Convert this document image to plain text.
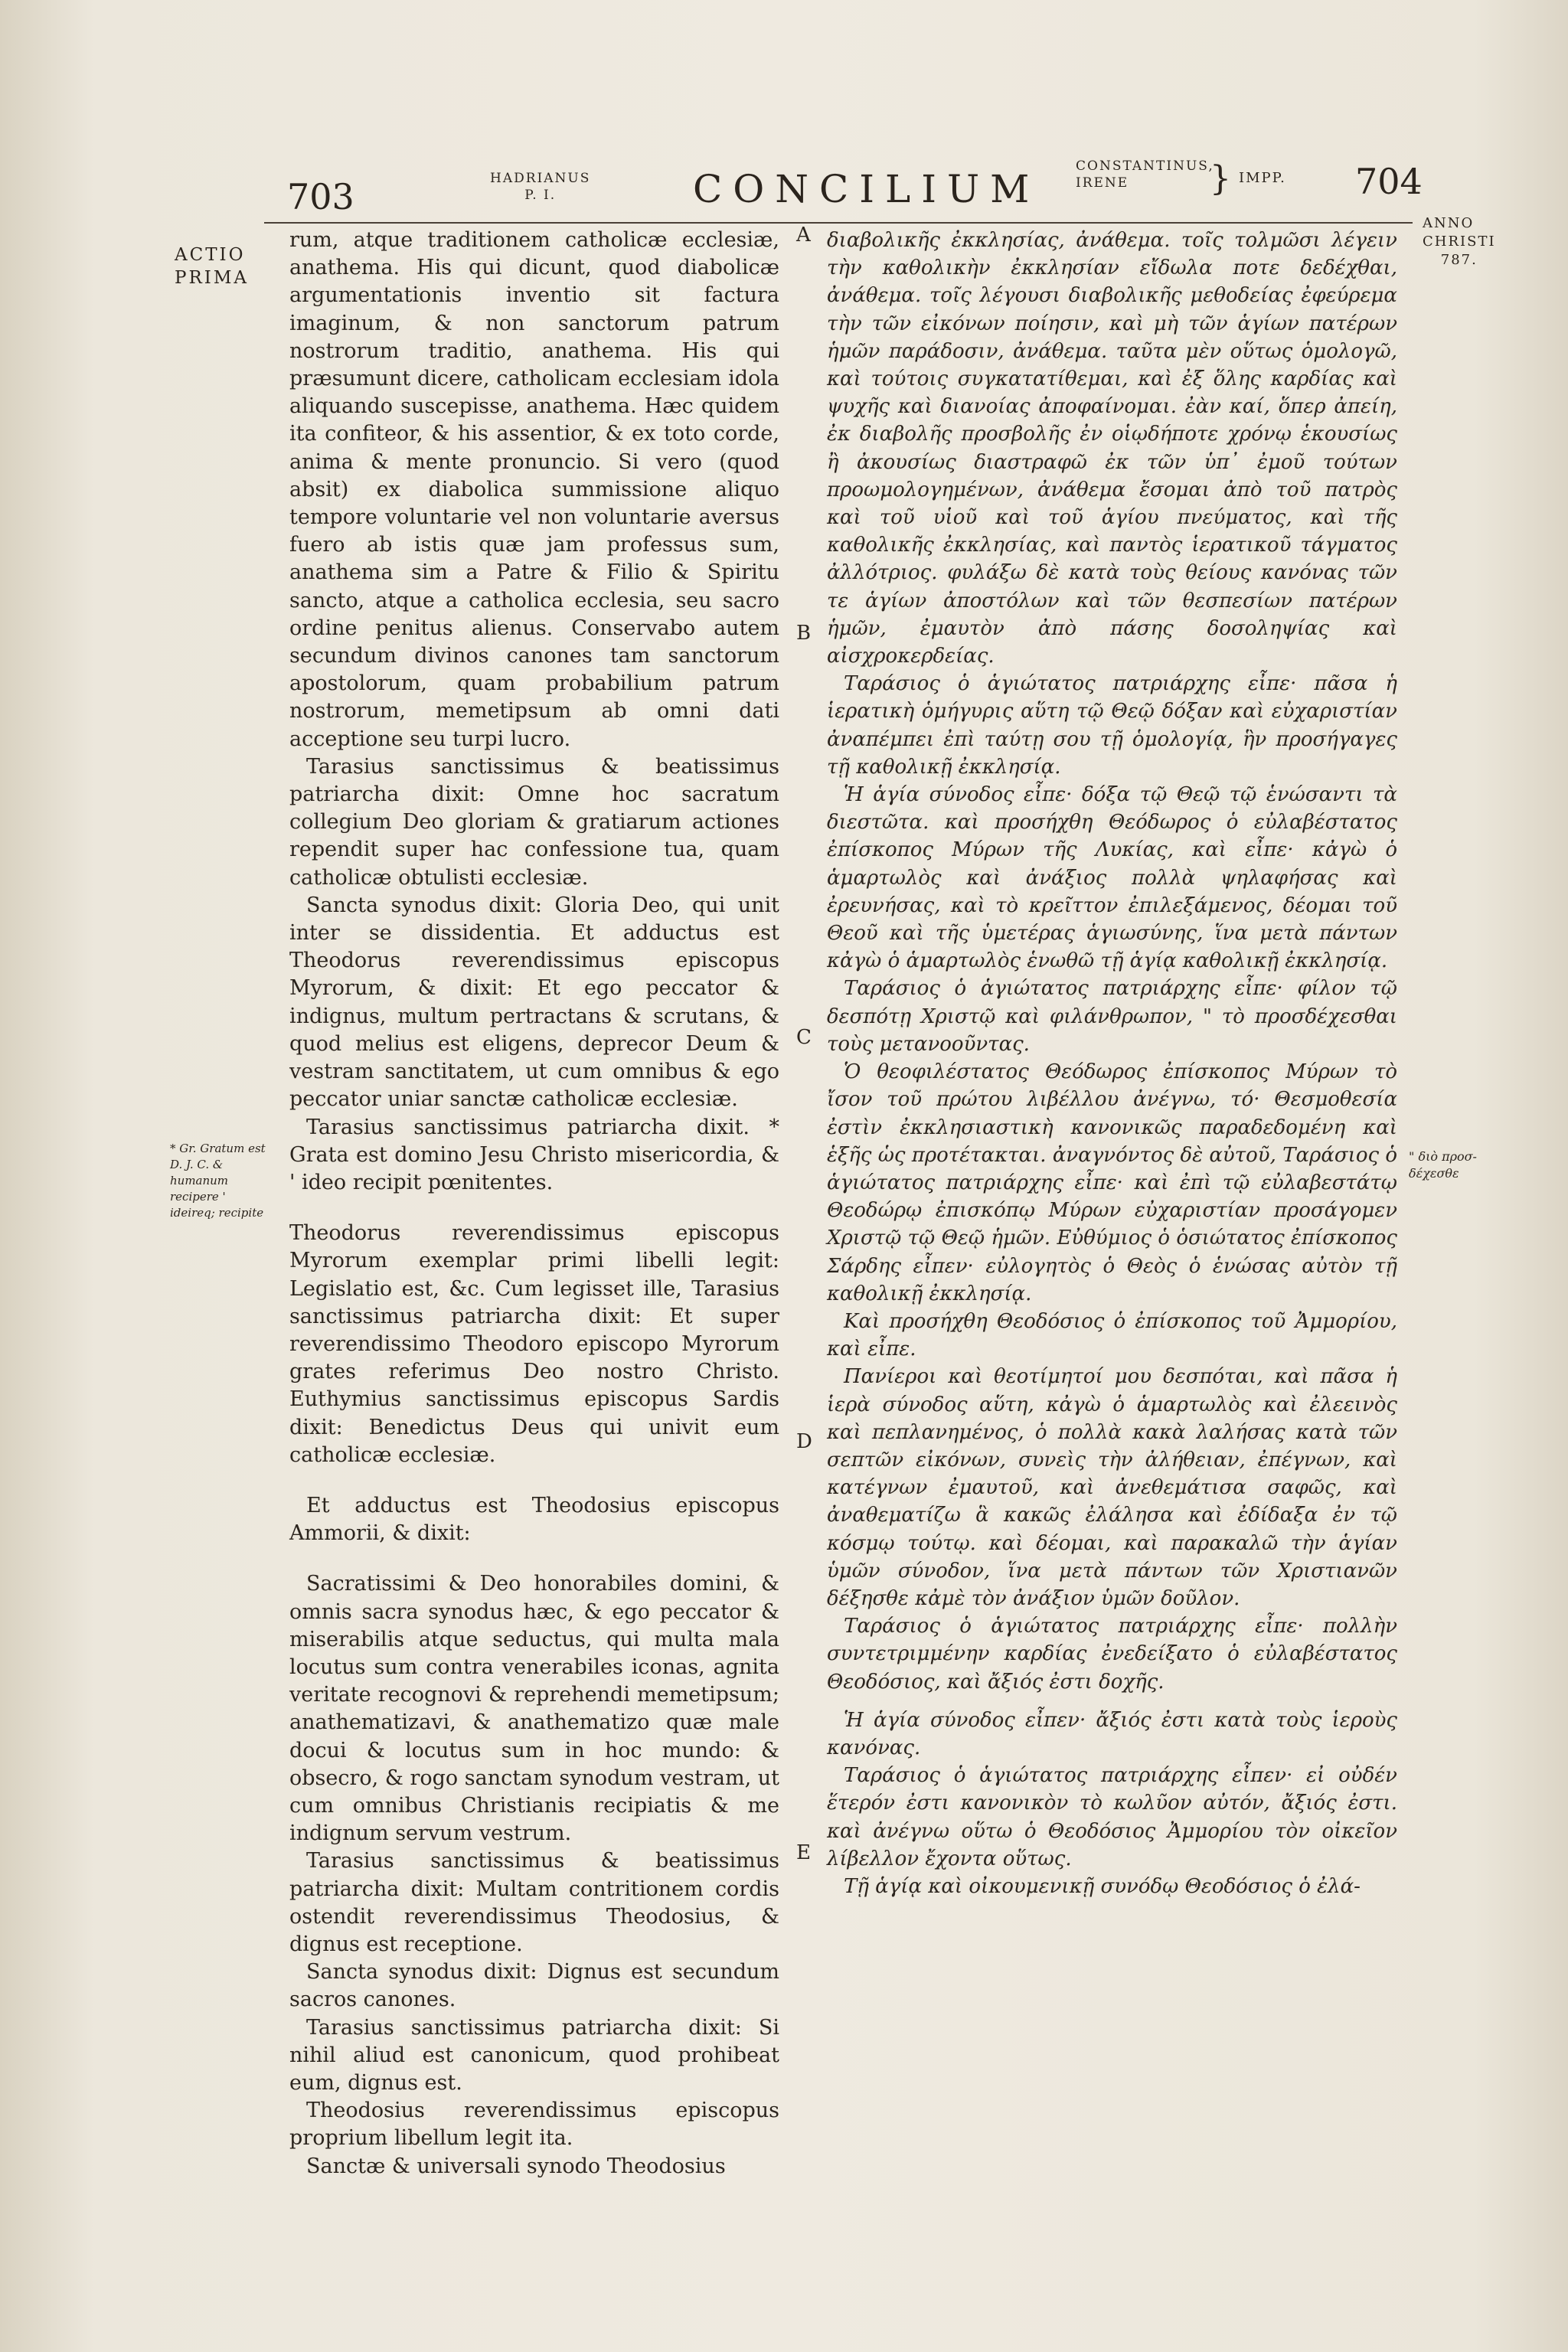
703	HADRIANUS
P. I.	CONCILIUM
CONSTANTINUS,
IRENE	} IMPP. 704
ACTIO
PRIMA
ANNO
CHRISTI
787.
* Gr. Gratum est D. J. C. & humanum recipere ' ideireq; recipite
" διὸ προσ-δέχεσθε
A
B
C
D
E

rum, atque traditionem catholicæ ecclesiæ, anathema. His qui dicunt, quod diabolicæ argumentationis inventio sit factura imaginum, & non sanctorum patrum nostrorum traditio, anathema. His qui præsumunt dicere, catholicam ecclesiam idola aliquando suscepisse, anathema. Hæc quidem ita confiteor, & his assentior, & ex toto corde, anima & mente pronuncio. Si vero (quod absit) ex diabolica summissione aliquo tempore voluntarie vel non voluntarie aversus fuero ab istis quæ jam professus sum, anathema sim a Patre & Filio & Spiritu sancto, atque a catholica ecclesia, seu sacro ordine penitus alienus. Conservabo autem secundum divinos canones tam sanctorum apostolorum, quam probabilium patrum nostrorum, memetipsum ab omni dati acceptione seu turpi lucro.

Tarasius sanctissimus & beatissimus patriarcha dixit: Omne hoc sacratum collegium Deo gloriam & gratiarum actiones rependit super hac confessione tua, quam catholicæ obtulisti ecclesiæ.

Sancta synodus dixit: Gloria Deo, qui unit inter se dissidentia. Et adductus est Theodorus reverendissimus episcopus Myrorum, & dixit: Et ego peccator & indignus, multum pertractans & scrutans, & quod melius est eligens, deprecor Deum & vestram sanctitatem, ut cum omnibus & ego peccator uniar sanctæ catholicæ ecclesiæ.

Tarasius sanctissimus patriarcha dixit. * Grata est domino Jesu Christo misericordia, & ' ideo recipit pœnitentes.

Theodorus reverendissimus episcopus Myrorum exemplar primi libelli legit: Legislatio est, &c. Cum legisset ille, Tarasius sanctissimus patriarcha dixit: Et super reverendissimo Theodoro episcopo Myrorum grates referimus Deo nostro Christo. Euthymius sanctissimus episcopus Sardis dixit: Benedictus Deus qui univit eum catholicæ ecclesiæ.

Et adductus est Theodosius episcopus Ammorii, & dixit:

Sacratissimi & Deo honorabiles domini, & omnis sacra synodus hæc, & ego peccator & miserabilis atque seductus, qui multa mala locutus sum contra venerabiles iconas, agnita veritate recognovi & reprehendi memetipsum; anathematizavi, & anathematizo quæ male docui & locutus sum in hoc mundo: & obsecro, & rogo sanctam synodum vestram, ut cum omnibus Christianis recipiatis & me indignum servum vestrum.

Tarasius sanctissimus & beatissimus patriarcha dixit: Multam contritionem cordis ostendit reverendissimus Theodosius, & dignus est receptione.

Sancta synodus dixit: Dignus est secundum sacros canones.

Tarasius sanctissimus patriarcha dixit: Si nihil aliud est canonicum, quod prohibeat eum, dignus est.

Theodosius reverendissimus episcopus proprium libellum legit ita.

Sanctæ & universali synodo Theodosius

διαβολικῆς ἐκκλησίας, ἀνάθεμα. τοῖς τολμῶσι λέγειν τὴν καθολικὴν ἐκκλησίαν εἴδωλα ποτε δεδέχθαι, ἀνάθεμα. τοῖς λέγουσι διαβολικῆς μεθοδείας ἐφεύρεμα τὴν τῶν εἰκόνων ποίησιν, καὶ μὴ τῶν ἁγίων πατέρων ἡμῶν παράδοσιν, ἀνάθεμα. ταῦτα μὲν οὕτως ὁμολογῶ, καὶ τούτοις συγκατατίθεμαι, καὶ ἐξ ὅλης καρδίας καὶ ψυχῆς καὶ διανοίας ἀποφαίνομαι. ἐὰν καί, ὅπερ ἀπείη, ἐκ διαβολῆς προσβολῆς ἐν οἱῳδήποτε χρόνῳ ἑκουσίως ἢ ἀκουσίως διαστραφῶ ἐκ τῶν ὑπ᾽ ἐμοῦ τούτων προωμολογημένων, ἀνάθεμα ἔσομαι ἀπὸ τοῦ πατρὸς καὶ τοῦ υἱοῦ καὶ τοῦ ἁγίου πνεύματος, καὶ τῆς καθολικῆς ἐκκλησίας, καὶ παντὸς ἱερατικοῦ τάγματος ἀλλότριος. φυλάξω δὲ κατὰ τοὺς θείους κανόνας τῶν τε ἁγίων ἀποστόλων καὶ τῶν θεσπεσίων πατέρων ἡμῶν, ἐμαυτὸν ἀπὸ πάσης δοσοληψίας καὶ αἰσχροκερδείας.

Ταράσιος ὁ ἁγιώτατος πατριάρχης εἶπε· πᾶσα ἡ ἱερατικὴ ὁμήγυρις αὕτη τῷ Θεῷ δόξαν καὶ εὐχαριστίαν ἀναπέμπει ἐπὶ ταύτῃ σου τῇ ὁμολογίᾳ, ἣν προσήγαγες τῇ καθολικῇ ἐκκλησίᾳ.

Ἡ ἁγία σύνοδος εἶπε· δόξα τῷ Θεῷ τῷ ἑνώσαντι τὰ διεστῶτα. καὶ προσήχθη Θεόδωρος ὁ εὐλαβέστατος ἐπίσκοπος Μύρων τῆς Λυκίας, καὶ εἶπε· κἀγὼ ὁ ἁμαρτωλὸς καὶ ἀνάξιος πολλὰ ψηλαφήσας καὶ ἐρευνήσας, καὶ τὸ κρεῖττον ἐπιλεξάμενος, δέομαι τοῦ Θεοῦ καὶ τῆς ὑμετέρας ἁγιωσύνης, ἵνα μετὰ πάντων κἀγὼ ὁ ἁμαρτωλὸς ἑνωθῶ τῇ ἁγίᾳ καθολικῇ ἐκκλησίᾳ.

Ταράσιος ὁ ἁγιώτατος πατριάρχης εἶπε· φίλον τῷ δεσπότῃ Χριστῷ καὶ φιλάνθρωπον, " τὸ προσδέχεσθαι τοὺς μετανοοῦντας.

Ὁ θεοφιλέστατος Θεόδωρος ἐπίσκοπος Μύρων τὸ ἴσον τοῦ πρώτου λιβέλλου ἀνέγνω, τό· Θεσμοθεσία ἐστὶν ἐκκλησιαστικὴ κανονικῶς παραδεδομένη καὶ ἑξῆς ὡς προτέτακται. ἀναγνόντος δὲ αὐτοῦ, Ταράσιος ὁ ἁγιώτατος πατριάρχης εἶπε· καὶ ἐπὶ τῷ εὐλαβεστάτῳ Θεοδώρῳ ἐπισκόπῳ Μύρων εὐχαριστίαν προσάγομεν Χριστῷ τῷ Θεῷ ἡμῶν. Εὐθύμιος ὁ ὁσιώτατος ἐπίσκοπος Σάρδης εἶπεν· εὐλογητὸς ὁ Θεὸς ὁ ἑνώσας αὐτὸν τῇ καθολικῇ ἐκκλησίᾳ.

Καὶ προσήχθη Θεοδόσιος ὁ ἐπίσκοπος τοῦ Ἀμμορίου, καὶ εἶπε.

Πανίεροι καὶ θεοτίμητοί μου δεσπόται, καὶ πᾶσα ἡ ἱερὰ σύνοδος αὕτη, κἀγὼ ὁ ἁμαρτωλὸς καὶ ἐλεεινὸς καὶ πεπλανημένος, ὁ πολλὰ κακὰ λαλήσας κατὰ τῶν σεπτῶν εἰκόνων, συνεὶς τὴν ἀλήθειαν, ἐπέγνων, καὶ κατέγνων ἐμαυτοῦ, καὶ ἀνεθεμάτισα σαφῶς, καὶ ἀναθεματίζω ἃ κακῶς ἐλάλησα καὶ ἐδίδαξα ἐν τῷ κόσμῳ τούτῳ. καὶ δέομαι, καὶ παρακαλῶ τὴν ἁγίαν ὑμῶν σύνοδον, ἵνα μετὰ πάντων τῶν Χριστιανῶν δέξησθε κἀμὲ τὸν ἀνάξιον ὑμῶν δοῦλον.

Ταράσιος ὁ ἁγιώτατος πατριάρχης εἶπε· πολλὴν συντετριμμένην καρδίας ἐνεδείξατο ὁ εὐλαβέστατος Θεοδόσιος, καὶ ἄξιός ἐστι δοχῆς.

Ἡ ἁγία σύνοδος εἶπεν· ἄξιός ἐστι κατὰ τοὺς ἱεροὺς κανόνας.

Ταράσιος ὁ ἁγιώτατος πατριάρχης εἶπεν· εἰ οὐδέν ἕτερόν ἐστι κανονικὸν τὸ κωλῦον αὐτόν, ἄξιός ἐστι. καὶ ἀνέγνω οὕτω ὁ Θεοδόσιος Ἀμμορίου τὸν οἰκεῖον λίβελλον ἔχοντα οὕτως.

Τῇ ἁγίᾳ καὶ οἰκουμενικῇ συνόδῳ Θεοδόσιος ὁ ἐλά-
